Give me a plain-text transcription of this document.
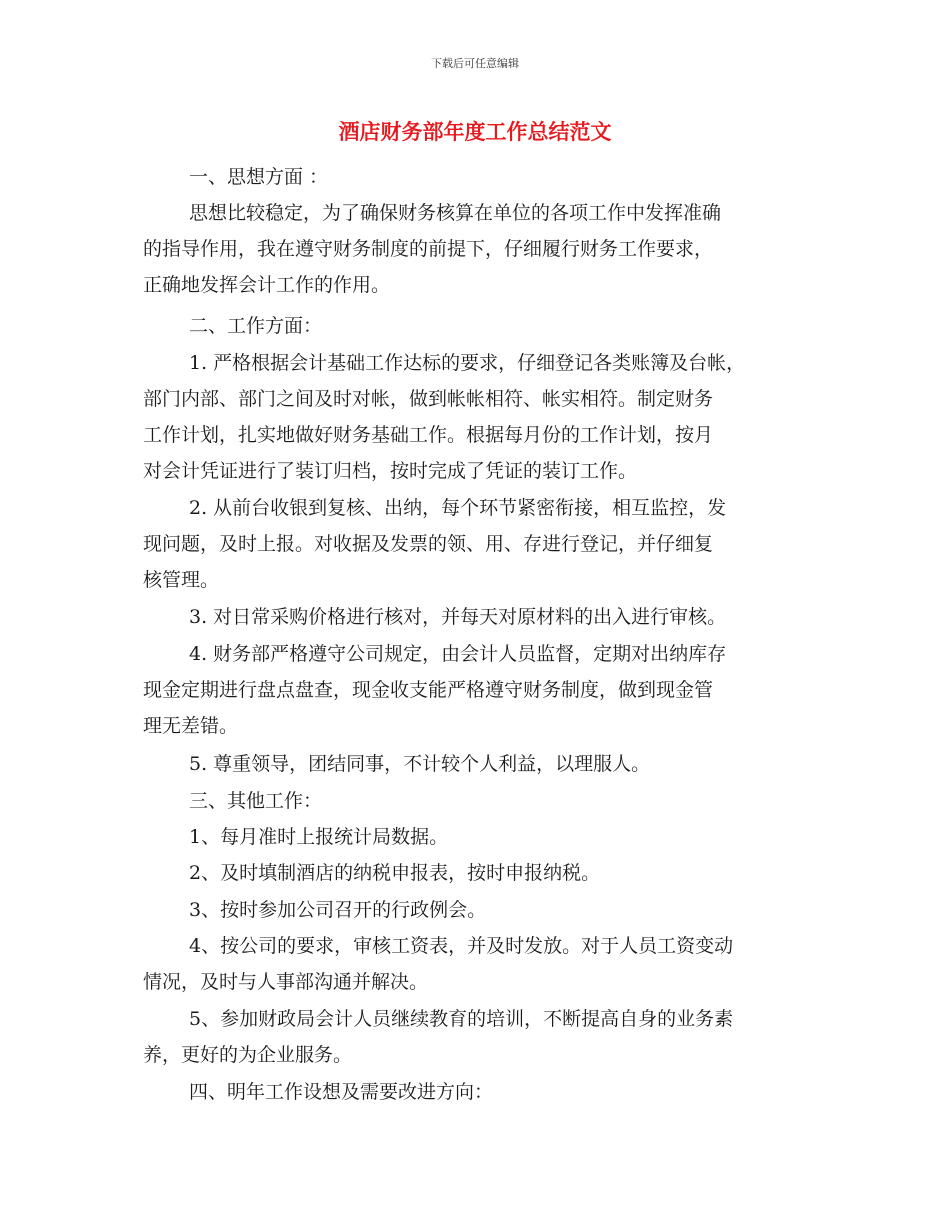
下载后可任意编辑
酒店财务部年度工作总结范文
一、思想方面 ：
思想比较稳定，为了确保财务核算在单位的各项工作中发挥准确
的指导作用，我在遵守财务制度的前提下，仔细履行财务工作要求，
正确地发挥会计工作的作用。
二、工作方面：
1. 严格根据会计基础工作达标的要求，仔细登记各类账簿及台帐，
部门内部、部门之间及时对帐，做到帐帐相符、帐实相符。制定财务
工作计划，扎实地做好财务基础工作。根据每月份的工作计划，按月
对会计凭证进行了装订归档，按时完成了凭证的装订工作。
2. 从前台收银到复核、出纳，每个环节紧密衔接，相互监控，发
现问题，及时上报。对收据及发票的领、用、存进行登记，并仔细复
核管理。
3. 对日常采购价格进行核对，并每天对原材料的出入进行审核。
4. 财务部严格遵守公司规定，由会计人员监督，定期对出纳库存
现金定期进行盘点盘查，现金收支能严格遵守财务制度，做到现金管
理无差错。
5. 尊重领导，团结同事，不计较个人利益，以理服人。
三、其他工作：
1、每月准时上报统计局数据。
2、及时填制酒店的纳税申报表，按时申报纳税。
3、按时参加公司召开的行政例会。
4、按公司的要求，审核工资表，并及时发放。对于人员工资变动
情况，及时与人事部沟通并解决。
5、参加财政局会计人员继续教育的培训，不断提高自身的业务素
养，更好的为企业服务。
四、明年工作设想及需要改进方向：
